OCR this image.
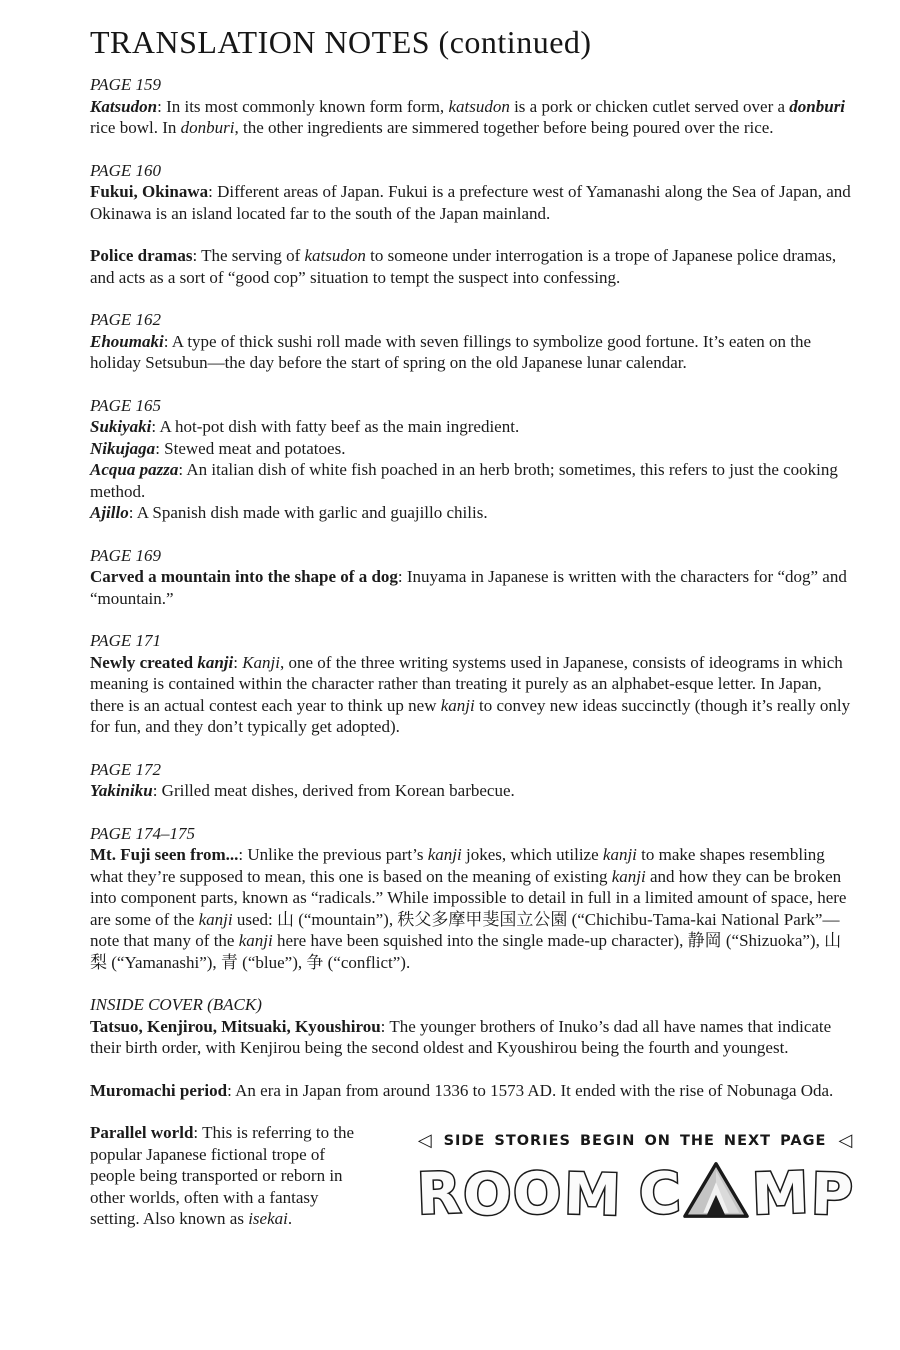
TRANSLATION NOTES (continued)
PAGE 159

Katsudon: In its most commonly known form form, katsudon is a pork or chicken cutlet served over a donburi rice bowl. In donburi, the other ingredients are simmered together before being poured over the rice.

PAGE 160

Fukui, Okinawa: Different areas of Japan. Fukui is a prefecture west of Yamanashi along the Sea of Japan, and Okinawa is an island located far to the south of the Japan mainland.

Police dramas: The serving of katsudon to someone under interrogation is a trope of Japanese police dramas, and acts as a sort of “good cop” situation to tempt the suspect into confessing.

PAGE 162

Ehoumaki: A type of thick sushi roll made with seven fillings to symbolize good fortune. It’s eaten on the holiday Setsubun—the day before the start of spring on the old Japanese lunar calendar.

PAGE 165

Sukiyaki: A hot-pot dish with fatty beef as the main ingredient.

Nikujaga: Stewed meat and potatoes.

Acqua pazza: An italian dish of white fish poached in an herb broth; sometimes, this refers to just the cooking method.

Ajillo: A Spanish dish made with garlic and guajillo chilis.

PAGE 169

Carved a mountain into the shape of a dog: Inuyama in Japanese is written with the characters for “dog” and “mountain.”

PAGE 171

Newly created kanji: Kanji, one of the three writing systems used in Japanese, consists of ideograms in which meaning is contained within the character rather than treating it purely as an alphabet-esque letter. In Japan, there is an actual contest each year to think up new kanji to convey new ideas succinctly (though it’s really only for fun, and they don’t typically get adopted).

PAGE 172

Yakiniku: Grilled meat dishes, derived from Korean barbecue.

PAGE 174–175

Mt. Fuji seen from...: Unlike the previous part’s kanji jokes, which utilize kanji to make shapes resembling what they’re supposed to mean, this one is based on the meaning of existing kanji and how they can be broken into component parts, known as “radicals.” While impossible to detail in full in a limited amount of space, here are some of the kanji used: 山 (“mountain”), 秩父多摩甲斐国立公園 (“Chichibu-Tama-kai National Park”—note that many of the kanji here have been squished into the single made-up character), 静岡 (“Shizuoka”), 山梨 (“Yamanashi”), 青 (“blue”), 争 (“conflict”).

INSIDE COVER (BACK)

Tatsuo, Kenjirou, Mitsuaki, Kyoushirou: The younger brothers of Inuko’s dad all have names that indicate their birth order, with Kenjirou being the second oldest and Kyoushirou being the fourth and youngest.

Muromachi period: An era in Japan from around 1336 to 1573 AD. It ended with the rise of Nobunaga Oda.

Parallel world: This is referring to the popular Japanese fictional trope of people being transported or reborn in other worlds, often with a fantasy setting. Also known as isekai.

◁ SIDE STORIES BEGIN ON THE NEXT PAGE ◁
R O O M C M P
